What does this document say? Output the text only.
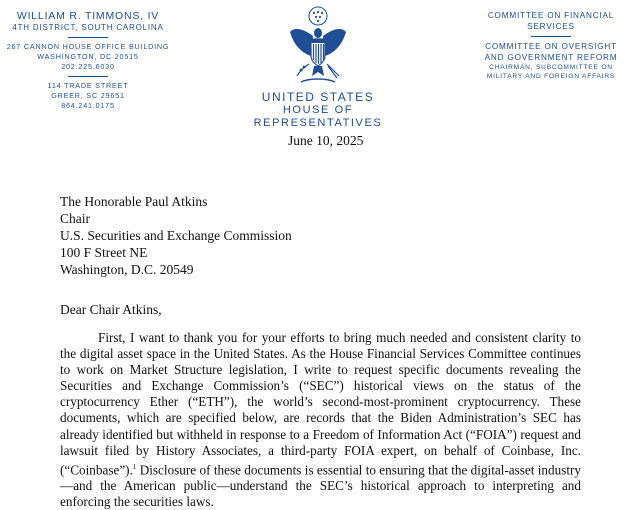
WILLIAM R. TIMMONS, IV
4TH DISTRICT, SOUTH CAROLINA
267 CANNON HOUSE OFFICE BUILDING
WASHINGTON, DC 20515
202.225.6030
114 TRADE STREET
GREER, SC 29651
864.241.0175
UNITED STATES
HOUSE OF REPRESENTATIVES
COMMITTEE ON FINANCIAL
SERVICES
COMMITTEE ON OVERSIGHT
AND GOVERNMENT REFORM
CHAIRMAN, SUBCOMMITTEE ON
MILITARY AND FOREIGN AFFAIRS
June 10, 2025
The Honorable Paul Atkins
Chair
U.S. Securities and Exchange Commission
100 F Street NE
Washington, D.C. 20549
Dear Chair Atkins,
First, I want to thank you for your efforts to bring much needed and consistent clarity to the digital asset space in the United States. As the House Financial Services Committee continues to work on Market Structure legislation, I write to request specific documents revealing the Securities and Exchange Commission’s (“SEC”) historical views on the status of the cryptocurrency Ether (“ETH”), the world’s second-most-prominent cryptocurrency. These documents, which are specified below, are records that the Biden Administration’s SEC has already identified but withheld in response to a Freedom of Information Act (“FOIA”) request and lawsuit filed by History Associates, a third-party FOIA expert, on behalf of Coinbase, Inc. (“Coinbase”).$^1$ Disclosure of these documents is essential to ensuring that the digital-asset industry—and the American public—understand the SEC’s historical approach to interpreting and enforcing the securities laws.
